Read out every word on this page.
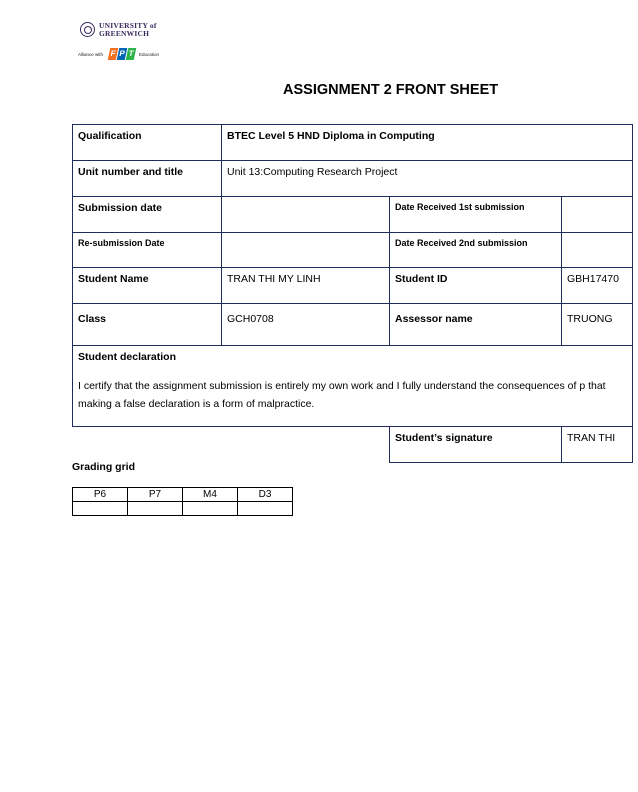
UNIVERSITY of
GREENWICH
Alliance with F P T Education
ASSIGNMENT 2 FRONT SHEET
Qualification	BTEC Level 5 HND Diploma in Computing		
Unit number and title	Unit 13:Computing Research Project		
Submission date		Date Received 1st submission	
Re-submission Date		Date Received 2nd submission	
Student Name	TRAN THI MY LINH	Student ID	GBH17470
Class	GCH0708	Assessor name	TRUONG

Student declaration
I certify that the assignment submission is entirely my own work and I fully understand the consequences of p that making a false declaration is a form of malpractice.			

		Student’s signature	TRAN THI
Grading grid
P6	P7	M4	D3
